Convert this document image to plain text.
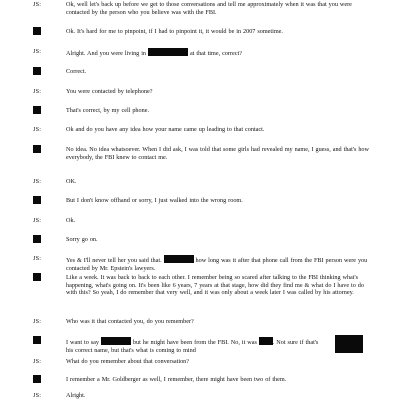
JS:	Ok, well let's back up before we get to those conversations and tell me approximately when it was that you were contacted by the person who you believe was with the FBI.
Ok. It's hard for me to pinpoint, if I had to pinpoint it, it would be in 2007 sometime.
JS:	Alright. And you were living in	at that time, correct?
Correct.
JS:	You were contacted by telephone?
That's correct, by my cell phone.
JS:	Ok and do you have any idea how your name came up leading to that contact.
No idea. No idea whatsoever. When I did ask, I was told that some girls had revealed my name, I guess, and that's how everybody, the FBI knew to contact me.
JS:	OK.
But I don't know offhand or sorry, I just walked into the wrong room.
JS:	Ok.
Sorry go on.
JS:	Yes & I'll never tell her you said that.	how long was it after that phone call from the FBI person were you contacted by Mr. Epstein's lawyers.
Like a week. It was back to back to each other. I remember being so scared after talking to the FBI thinking what's happening, what's going on. It's been like 6 years, 7 years at that stage, how did they find me & what do I have to do with this? So yeah, I do remember that very well, and it was only about a week later I was called by his attorney.
JS:	Who was it that contacted you, do you remember?
I want to say	but he might have been from the FBI. No, it was	. Not sure if that's his correct name, but that's what is coming to mind
JS:	What do you remember about that conversation?
I remember a Mr. Goldberger as well, I remember, there might have been two of them.
JS:	Alright.
